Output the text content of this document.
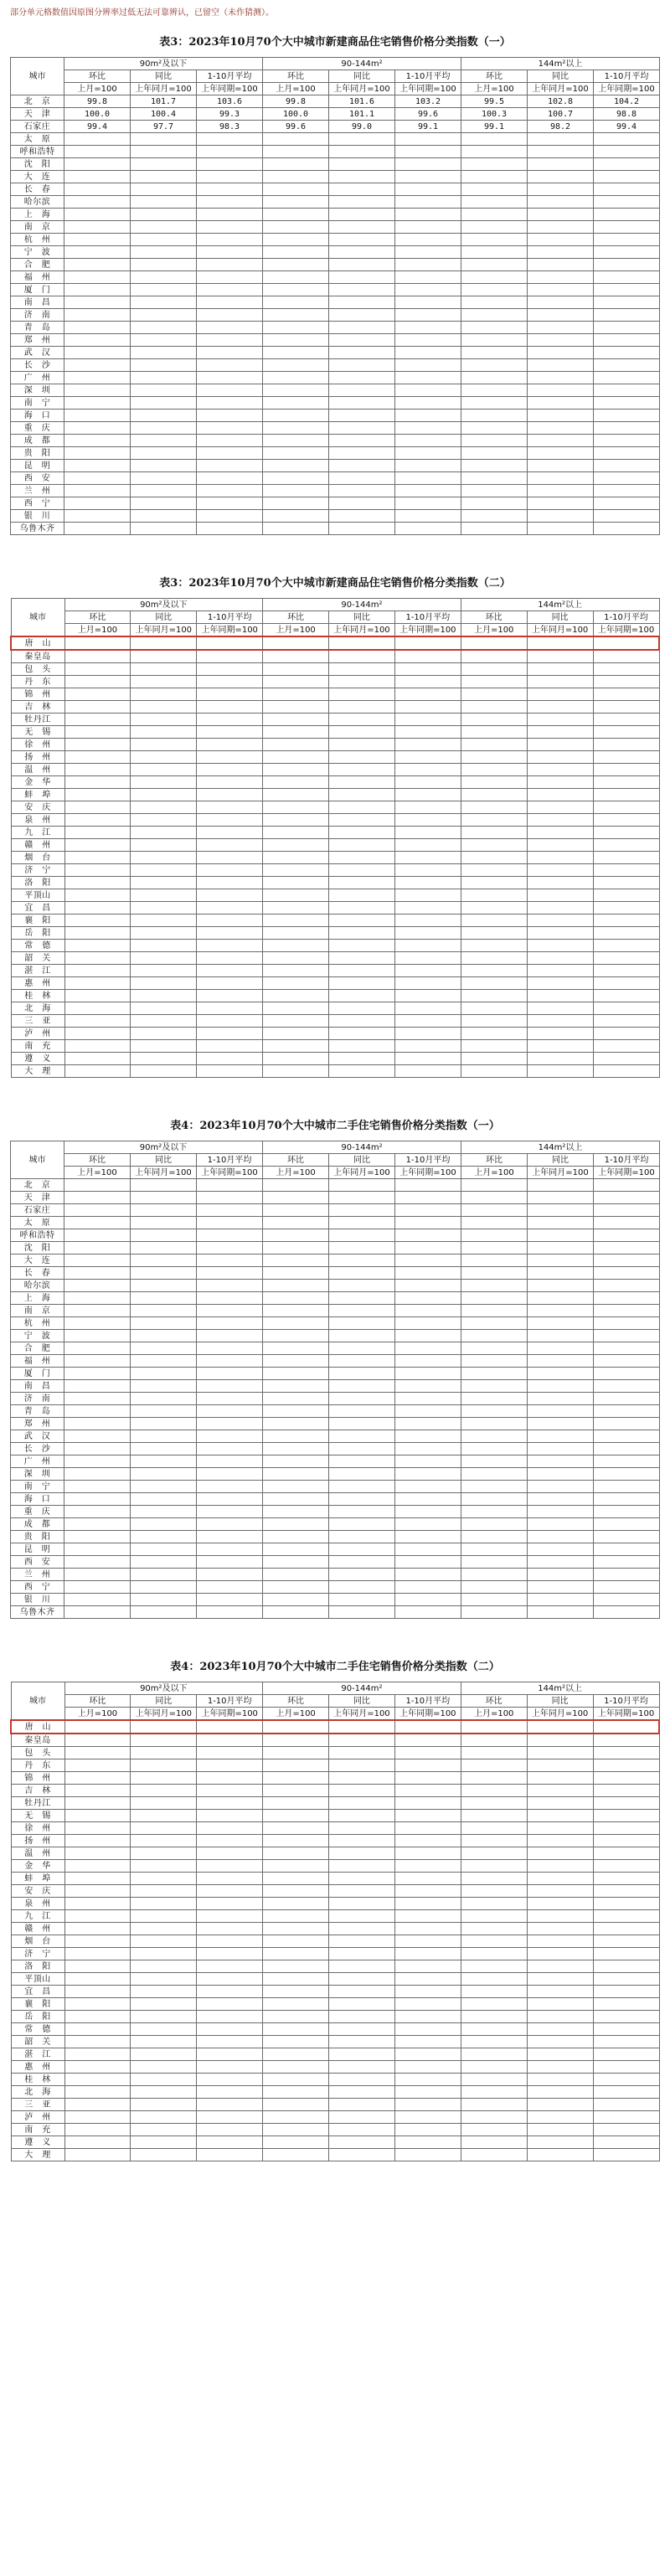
部分单元格数值因原图分辨率过低无法可靠辨认，已留空（未作猜测）。

表3：2023年10月70个大中城市新建商品住宅销售价格分类指数（一）
城市	90m²及以下			90-144m²			144m²以上		
	环比	同比	1-10月平均	环比	同比	1-10月平均	环比	同比	1-10月平均
	上月=100	上年同月=100	上年同期=100	上月=100	上年同月=100	上年同期=100	上月=100	上年同月=100	上年同期=100
北　京	99.8	101.7	103.6	99.8	101.6	103.2	99.5	102.8	104.2
天　津	100.0	100.4	99.3	100.0	101.1	99.6	100.3	100.7	98.8
石家庄	99.4	97.7	98.3	99.6	99.0	99.1	99.1	98.2	99.4
太　原									
呼和浩特									
沈　阳									
大　连									
长　春									
哈尔滨									
上　海									
南　京									
杭　州									
宁　波									
合　肥									
福　州									
厦　门									
南　昌									
济　南									
青　岛									
郑　州									
武　汉									
长　沙									
广　州									
深　圳									
南　宁									
海　口									
重　庆									
成　都									
贵　阳									
昆　明									
西　安									
兰　州									
西　宁									
银　川									
乌鲁木齐									
表3：2023年10月70个大中城市新建商品住宅销售价格分类指数（二）
城市	90m²及以下			90-144m²			144m²以上		
	环比	同比	1-10月平均	环比	同比	1-10月平均	环比	同比	1-10月平均
	上月=100	上年同月=100	上年同期=100	上月=100	上年同月=100	上年同期=100	上月=100	上年同月=100	上年同期=100
唐　山									
秦皇岛									
包　头									
丹　东									
锦　州									
吉　林									
牡丹江									
无　锡									
徐　州									
扬　州									
温　州									
金　华									
蚌　埠									
安　庆									
泉　州									
九　江									
赣　州									
烟　台									
济　宁									
洛　阳									
平顶山									
宜　昌									
襄　阳									
岳　阳									
常　德									
韶　关									
湛　江									
惠　州									
桂　林									
北　海									
三　亚									
泸　州									
南　充									
遵　义									
大　理									
表4：2023年10月70个大中城市二手住宅销售价格分类指数（一）
城市	90m²及以下			90-144m²			144m²以上		
	环比	同比	1-10月平均	环比	同比	1-10月平均	环比	同比	1-10月平均
	上月=100	上年同月=100	上年同期=100	上月=100	上年同月=100	上年同期=100	上月=100	上年同月=100	上年同期=100
北　京									
天　津									
石家庄									
太　原									
呼和浩特									
沈　阳									
大　连									
长　春									
哈尔滨									
上　海									
南　京									
杭　州									
宁　波									
合　肥									
福　州									
厦　门									
南　昌									
济　南									
青　岛									
郑　州									
武　汉									
长　沙									
广　州									
深　圳									
南　宁									
海　口									
重　庆									
成　都									
贵　阳									
昆　明									
西　安									
兰　州									
西　宁									
银　川									
乌鲁木齐									
表4：2023年10月70个大中城市二手住宅销售价格分类指数（二）
城市	90m²及以下			90-144m²			144m²以上		
	环比	同比	1-10月平均	环比	同比	1-10月平均	环比	同比	1-10月平均
	上月=100	上年同月=100	上年同期=100	上月=100	上年同月=100	上年同期=100	上月=100	上年同月=100	上年同期=100
唐　山									
秦皇岛									
包　头									
丹　东									
锦　州									
吉　林									
牡丹江									
无　锡									
徐　州									
扬　州									
温　州									
金　华									
蚌　埠									
安　庆									
泉　州									
九　江									
赣　州									
烟　台									
济　宁									
洛　阳									
平顶山									
宜　昌									
襄　阳									
岳　阳									
常　德									
韶　关									
湛　江									
惠　州									
桂　林									
北　海									
三　亚									
泸　州									
南　充									
遵　义									
大　理									
